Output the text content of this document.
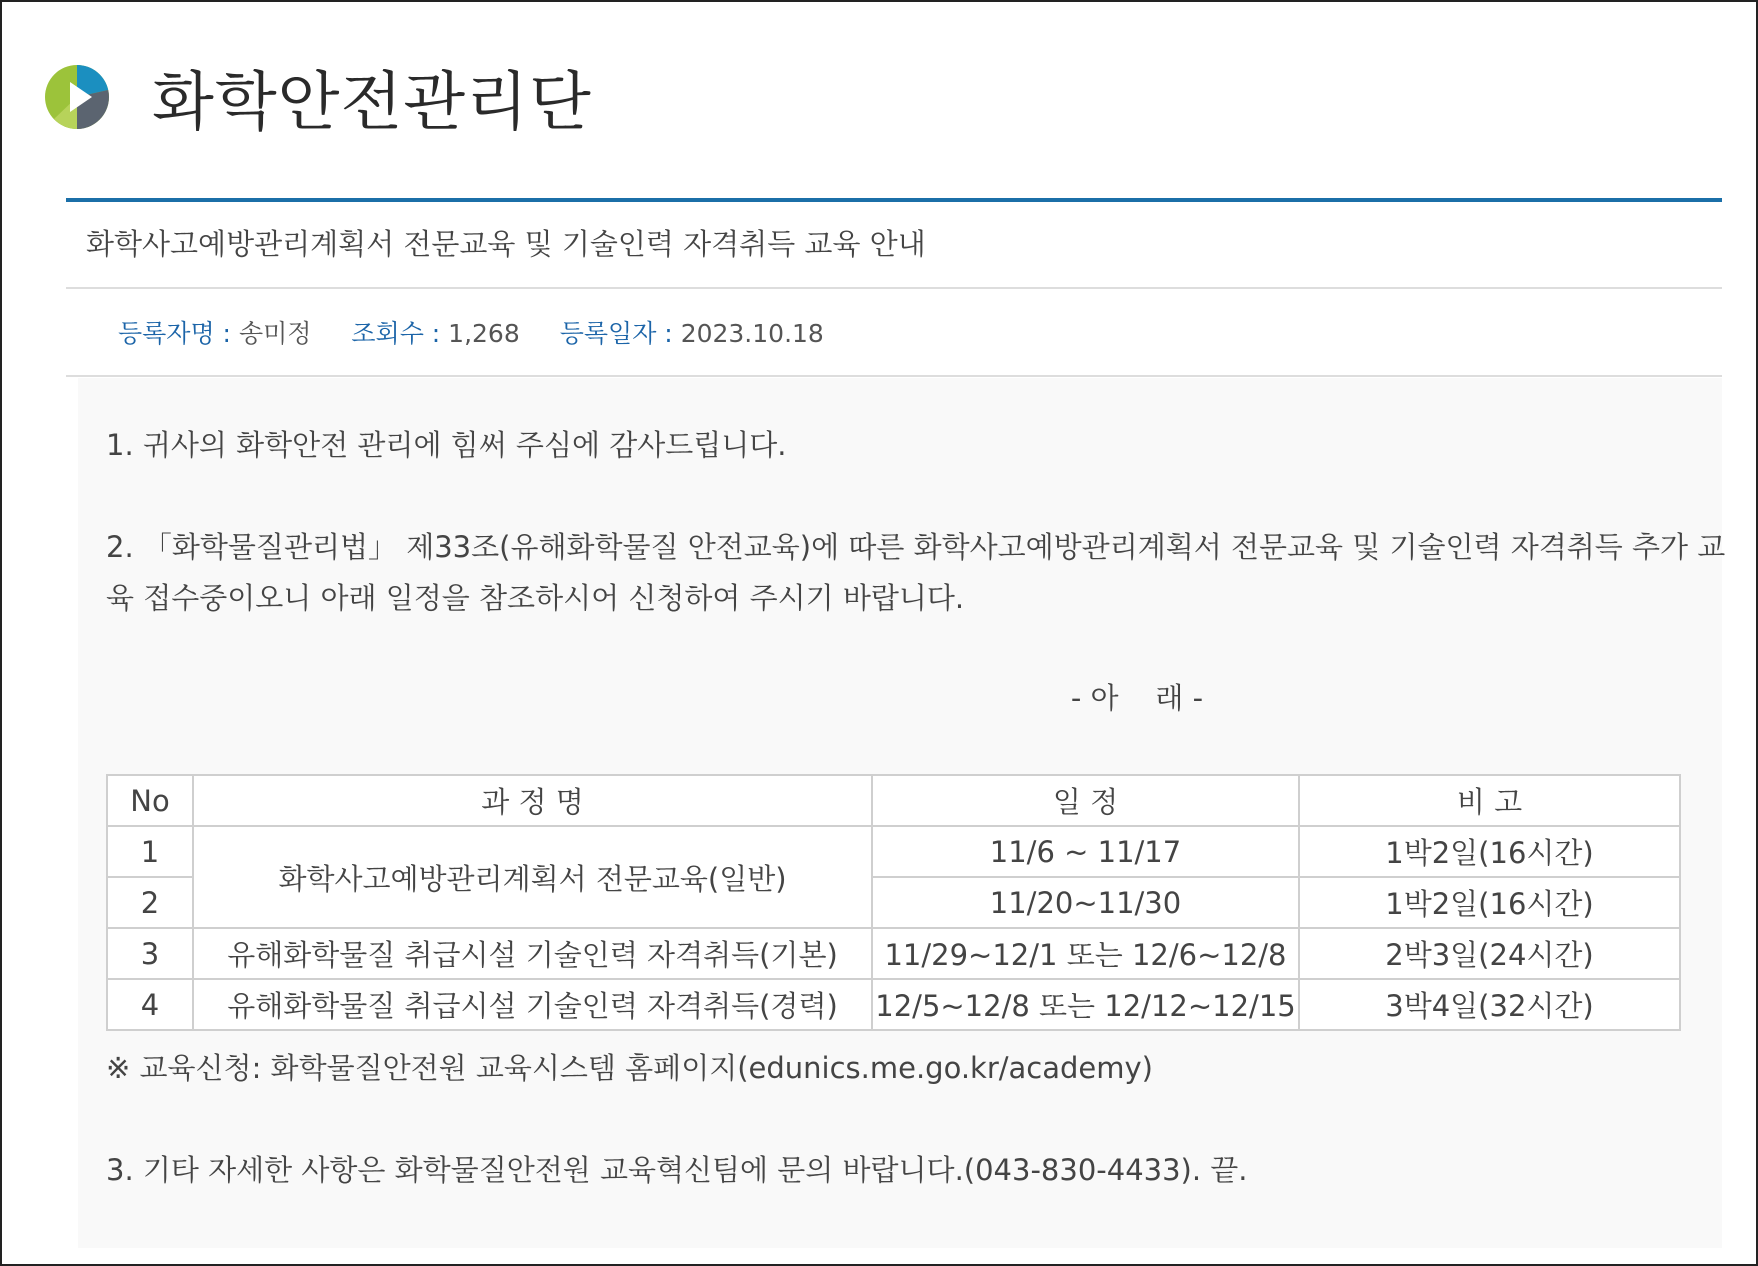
화학안전관리단
화학사고예방관리계획서 전문교육 및 기술인력 자격취득 교육 안내
등록자명 : 송미정 조회수 : 1,268 등록일자 : 2023.10.18
1. 귀사의 화학안전 관리에 힘써 주심에 감사드립니다.
2. 「화학물질관리법」 제33조(유해화학물질 안전교육)에 따른 화학사고예방관리계획서 전문교육 및 기술인력 자격취득 추가 교
육 접수중이오니 아래 일정을 참조하시어 신청하여 주시기 바랍니다.
- 아    래 -
No	과 정 명	일 정	비 고
1	화학사고예방관리계획서 전문교육(일반)	11/6 ~ 11/17	1박2일(16시간)
2		11/20~11/30	1박2일(16시간)
3	유해화학물질 취급시설 기술인력 자격취득(기본)	11/29~12/1 또는 12/6~12/8	2박3일(24시간)
4	유해화학물질 취급시설 기술인력 자격취득(경력)	12/5~12/8 또는 12/12~12/15	3박4일(32시간)
※ 교육신청: 화학물질안전원 교육시스템 홈페이지(edunics.me.go.kr/academy)
3. 기타 자세한 사항은 화학물질안전원 교육혁신팀에 문의 바랍니다.(043-830-4433). 끝.
